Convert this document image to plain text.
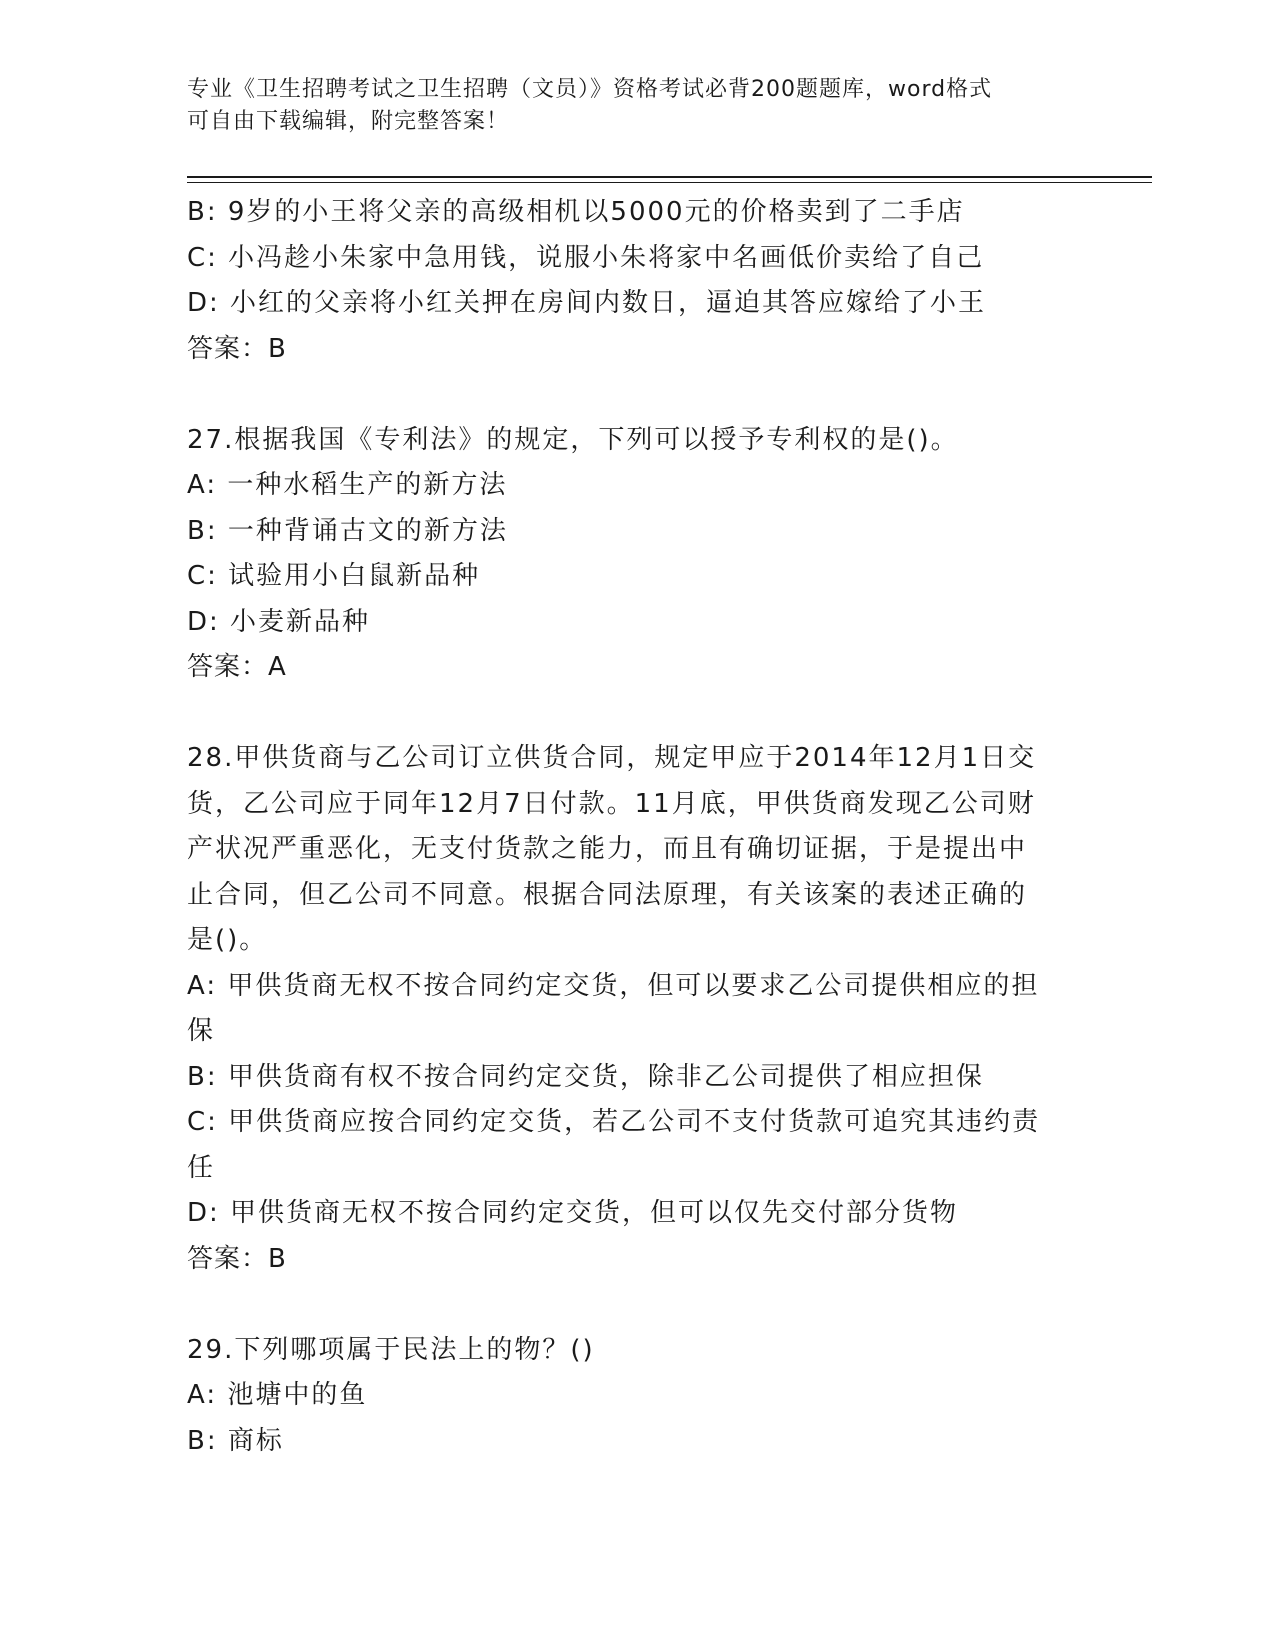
专业《卫生招聘考试之卫生招聘（文员）》资格考试必背200题题库，word格式
可自由下载编辑，附完整答案！
B: 9岁的小王将父亲的高级相机以5000元的价格卖到了二手店
C: 小冯趁小朱家中急用钱，说服小朱将家中名画低价卖给了自己
D: 小红的父亲将小红关押在房间内数日，逼迫其答应嫁给了小王
答案：B
27.根据我国《专利法》的规定，下列可以授予专利权的是()。
A: 一种水稻生产的新方法
B: 一种背诵古文的新方法
C: 试验用小白鼠新品种
D: 小麦新品种
答案：A
28.甲供货商与乙公司订立供货合同，规定甲应于2014年12月1日交
货，乙公司应于同年12月7日付款。11月底，甲供货商发现乙公司财
产状况严重恶化，无支付货款之能力，而且有确切证据，于是提出中
止合同，但乙公司不同意。根据合同法原理，有关该案的表述正确的
是()。
A: 甲供货商无权不按合同约定交货，但可以要求乙公司提供相应的担
保
B: 甲供货商有权不按合同约定交货，除非乙公司提供了相应担保
C: 甲供货商应按合同约定交货，若乙公司不支付货款可追究其违约责
任
D: 甲供货商无权不按合同约定交货，但可以仅先交付部分货物
答案：B
29.下列哪项属于民法上的物？()
A: 池塘中的鱼
B: 商标
